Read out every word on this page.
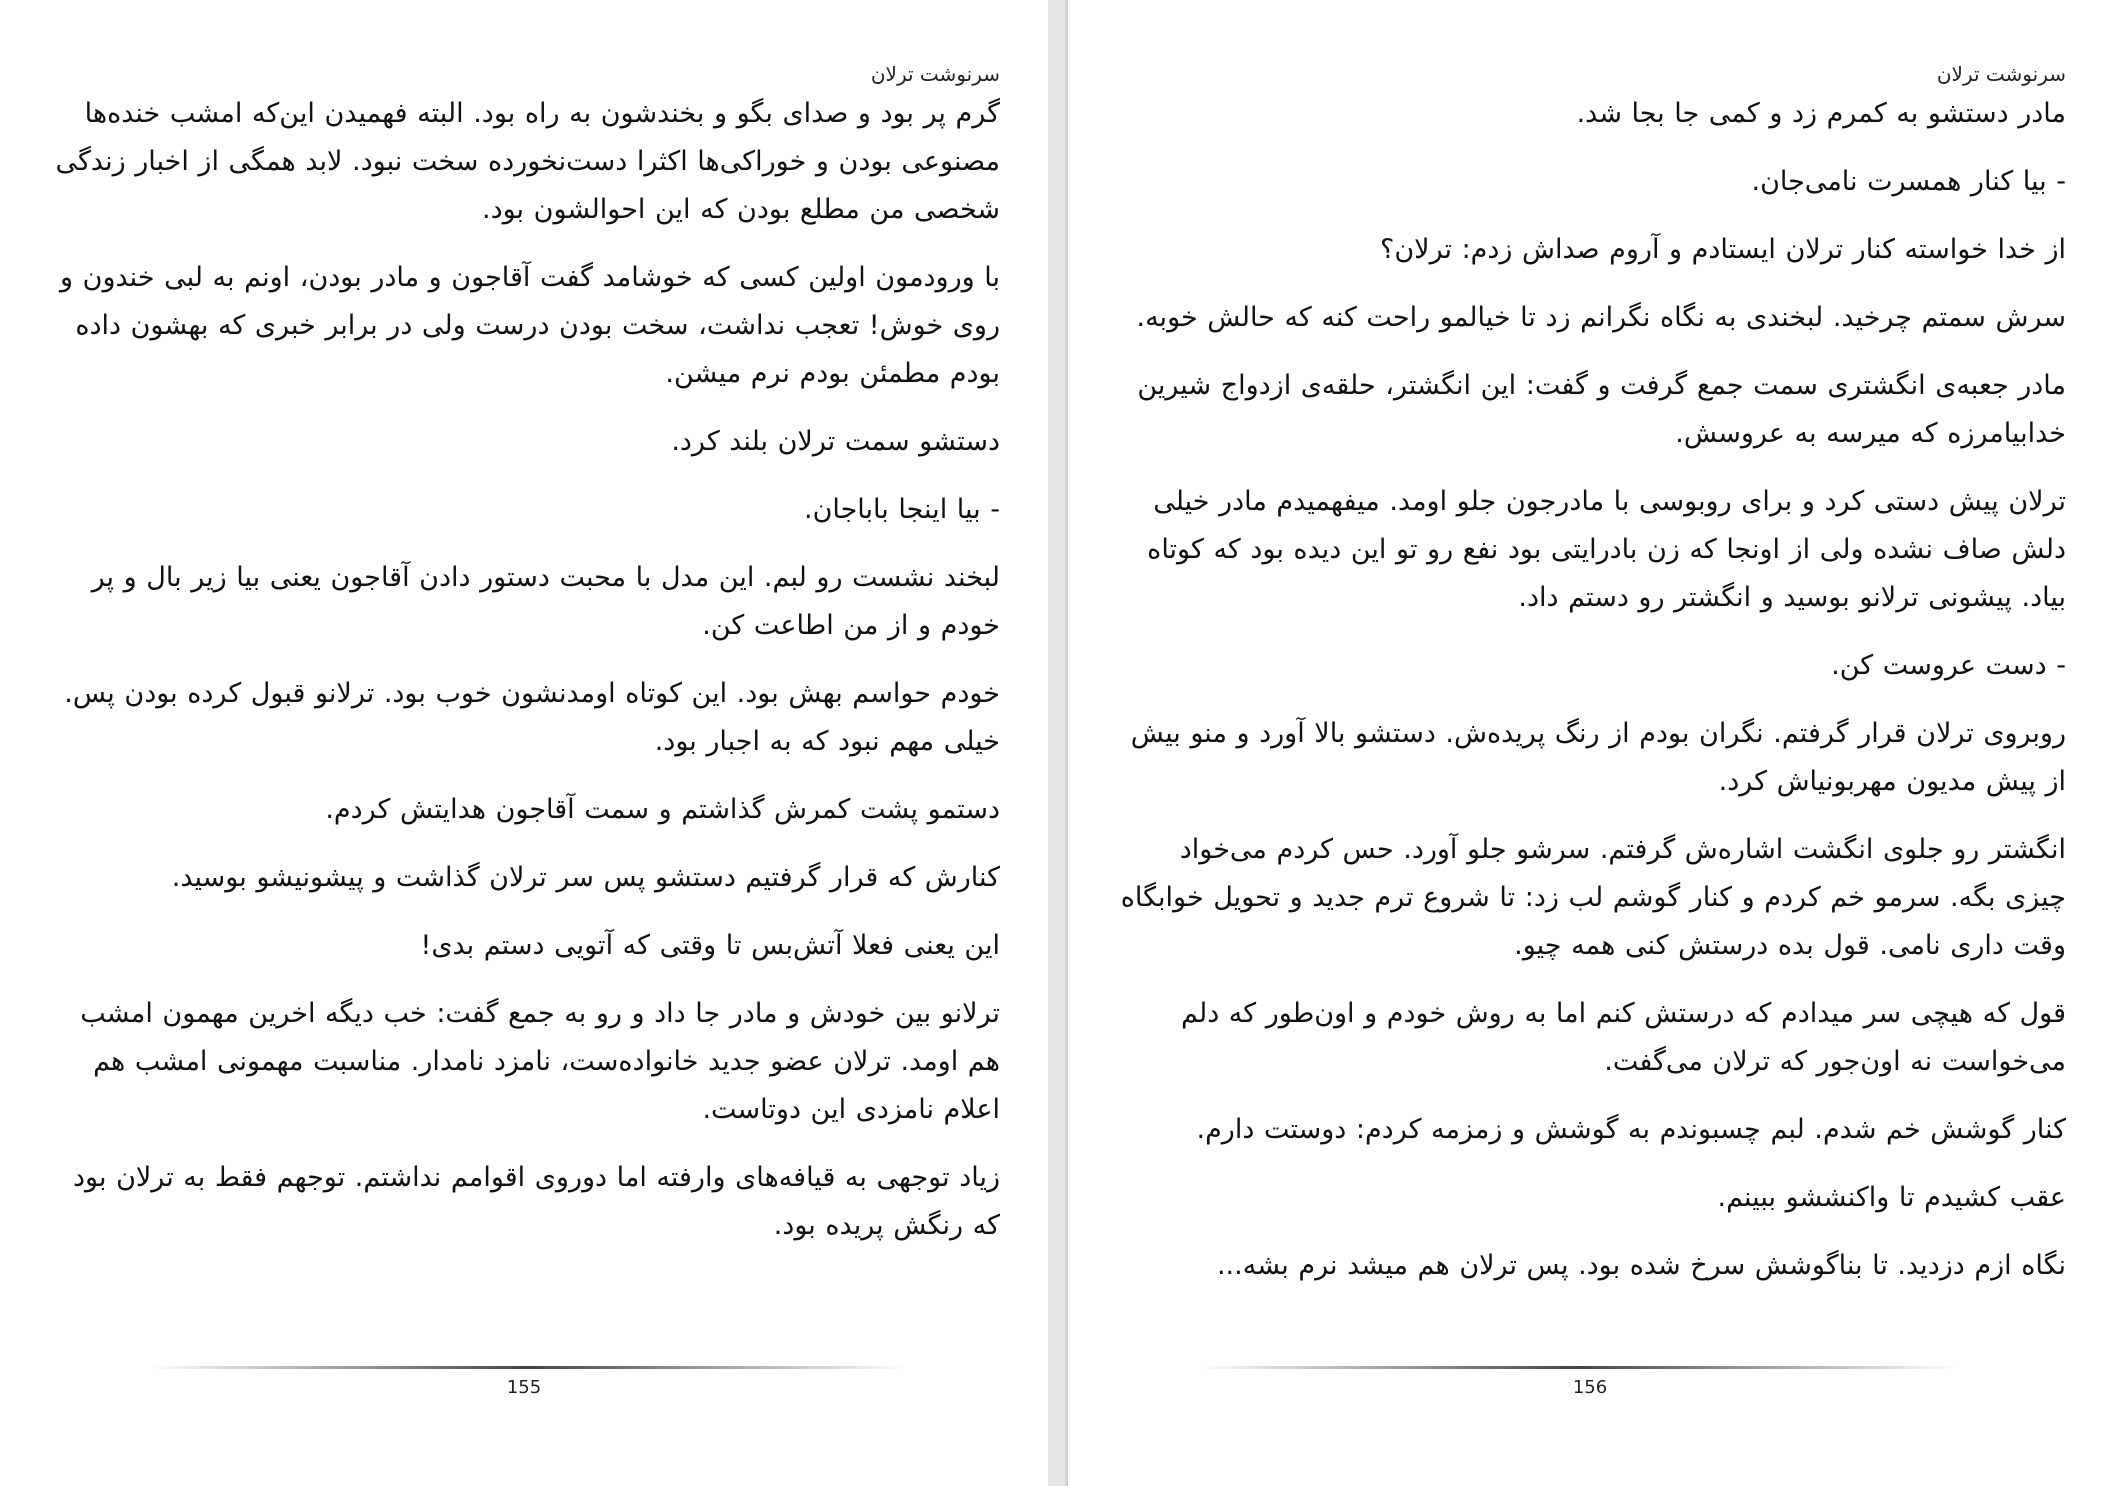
سرنوشت ترلان

گرم پر بود و صدای بگو و بخندشون به راه بود. البته فهمیدن این‌که امشب خنده‌ها مصنوعی بودن و خوراکی‌ها اکثرا دست‌نخورده سخت نبود. لابد همگی از اخبار زندگی شخصی من مطلع بودن که این احوالشون بود.

با ورودمون اولین کسی که خوشامد گفت آقاجون و مادر بودن، اونم به لبی خندون و روی خوش! تعجب نداشت، سخت بودن درست ولی در برابر خبری که بهشون داده بودم مطمئن بودم نرم میشن.

دستشو سمت ترلان بلند کرد.

- بیا اینجا باباجان.

لبخند نشست رو لبم. این مدل با محبت دستور دادن آقاجون یعنی بیا زیر بال و پر خودم و از من اطاعت کن.

خودم حواسم بهش بود. این کوتاه اومدنشون خوب بود. ترلانو قبول کرده بودن پس. خیلی مهم نبود که به اجبار بود.

دستمو پشت کمرش گذاشتم و سمت آقاجون هدایتش کردم.

کنارش که قرار گرفتیم دستشو پس سر ترلان گذاشت و پیشونیشو بوسید.

این یعنی فعلا آتش‌بس تا وقتی که آتویی دستم بدی!

ترلانو بین خودش و مادر جا داد و رو به جمع گفت: خب دیگه اخرین مهمون امشب هم اومد. ترلان عضو جدید خانواده‌ست، نامزد نامدار. مناسبت مهمونی امشب هم اعلام نامزدی این دوتاست.

زیاد توجهی به قیافه‌های وارفته اما دوروی اقوامم نداشتم. توجهم فقط به ترلان بود که رنگش پریده بود.

155
سرنوشت ترلان

مادر دستشو به کمرم زد و کمی جا بجا شد.

- بیا کنار همسرت نامی‌جان.

از خدا خواسته کنار ترلان ایستادم و آروم صداش زدم: ترلان؟

سرش سمتم چرخید. لبخندی به نگاه نگرانم زد تا خیالمو راحت کنه که حالش خوبه.

مادر جعبه‌ی انگشتری سمت جمع گرفت و گفت: این انگشتر، حلقه‌ی ازدواج شیرین خدابیامرزه که میرسه به عروسش.

ترلان پیش دستی کرد و برای روبوسی با مادرجون جلو اومد. میفهمیدم مادر خیلی دلش صاف نشده ولی از اونجا که زن بادرایتی بود نفع رو تو این دیده بود که کوتاه بیاد. پیشونی ترلانو بوسید و انگشتر رو دستم داد.

- دست عروست کن.

روبروی ترلان قرار گرفتم. نگران بودم از رنگ پریده‌ش. دستشو بالا آورد و منو بیش از پیش مدیون مهربونیاش کرد.

انگشتر رو جلوی انگشت اشاره‌ش گرفتم. سرشو جلو آورد. حس کردم می‌خواد چیزی بگه. سرمو خم کردم و کنار گوشم لب زد: تا شروع ترم جدید و تحویل خوابگاه وقت داری نامی. قول بده درستش کنی همه چیو.

قول که هیچی سر میدادم که درستش کنم اما به روش خودم و اون‌طور که دلم می‌خواست نه اون‌جور که ترلان می‌گفت.

کنار گوشش خم شدم. لبم چسبوندم به گوشش و زمزمه کردم: دوستت دارم.

عقب کشیدم تا واکنششو ببینم.

نگاه ازم دزدید. تا بناگوشش سرخ شده بود. پس ترلان هم میشد نرم بشه...

156
